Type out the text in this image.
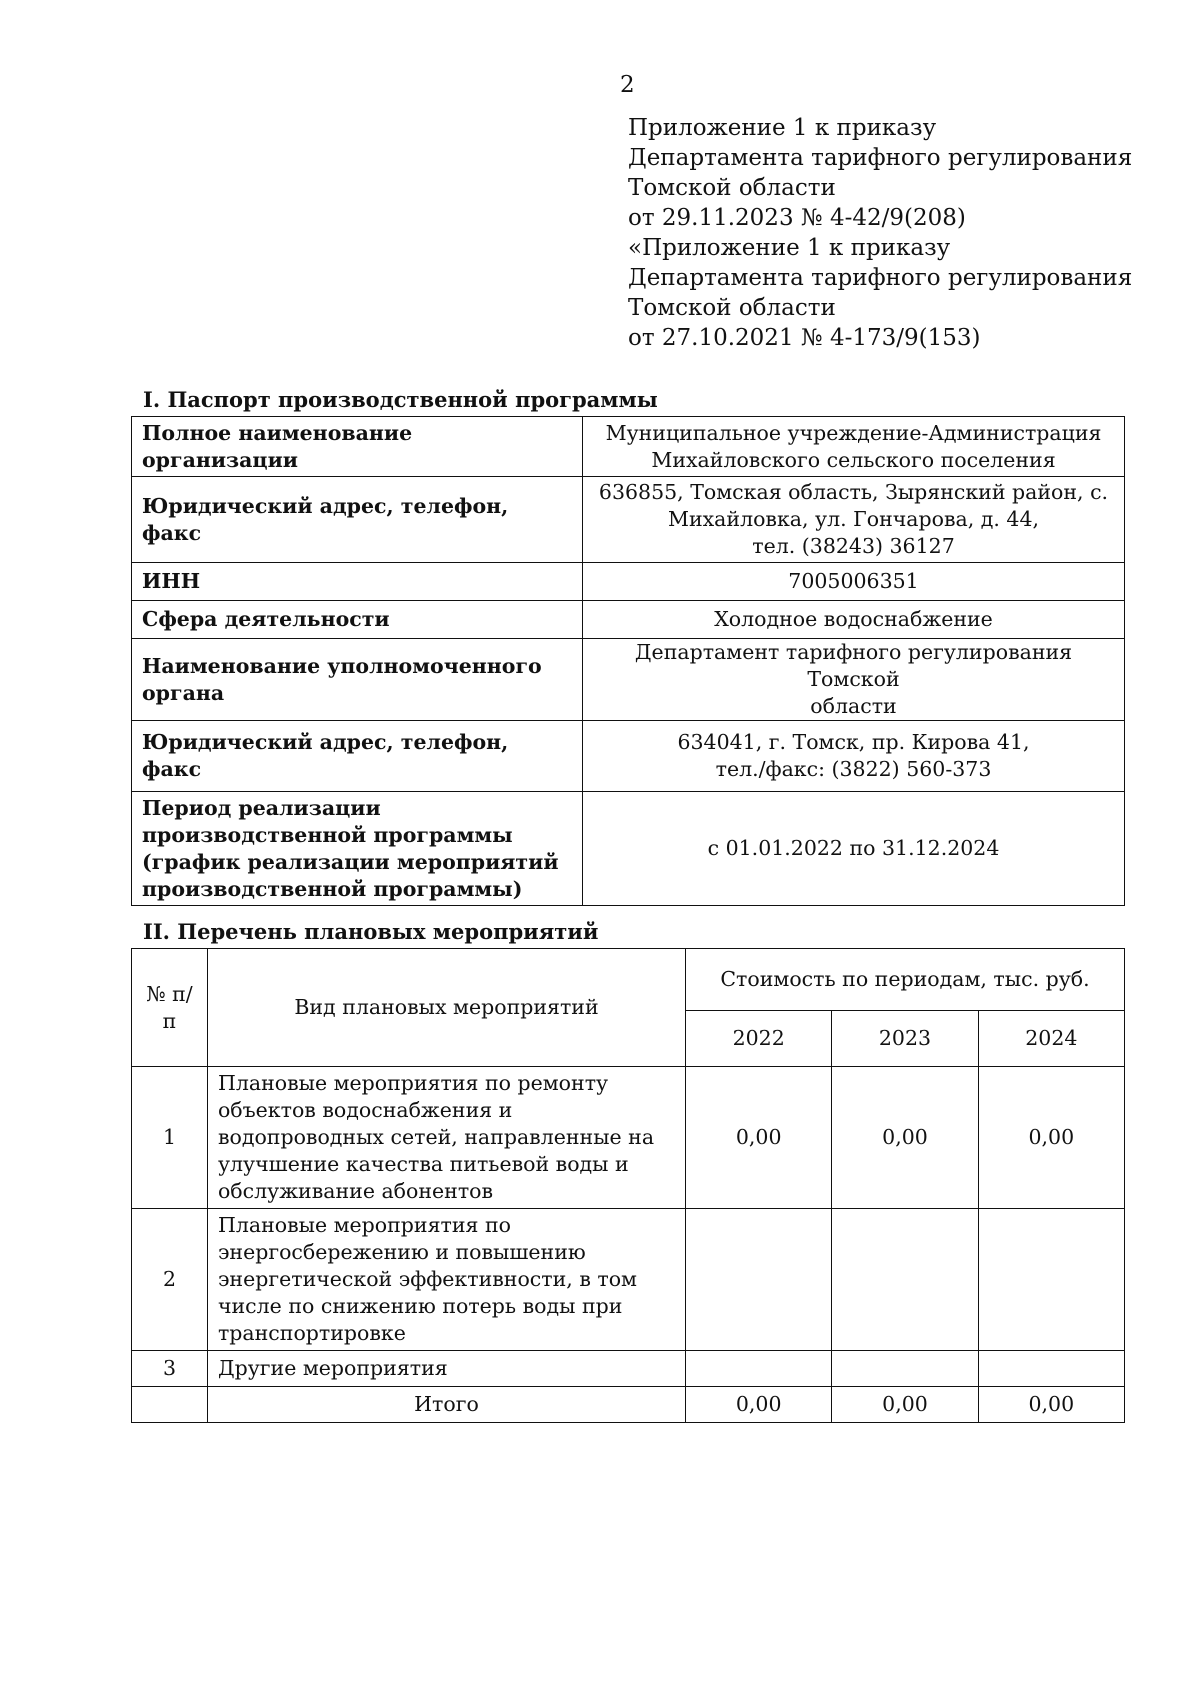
2
Приложение 1 к приказу
Департамента тарифного регулирования
Томской области
от 29.11.2023 № 4-42/9(208)
«Приложение 1 к приказу
Департамента тарифного регулирования
Томской области
от 27.10.2021 № 4-173/9(153)
I. Паспорт производственной программы
Полное наименование организации	Муниципальное учреждение-Администрация
Михайловского сельского поселения

Юридический адрес, телефон, факс	636855, Томская область, Зырянский район, с.
Михайловка, ул. Гончарова, д. 44,
тел. (38243) 36127

ИНН	7005006351

Сфера деятельности	Холодное водоснабжение

Наименование уполномоченного органа	Департамент тарифного регулирования Томской
области

Юридический адрес, телефон, факс	634041, г. Томск, пр. Кирова 41,
тел./факс: (3822) 560-373

Период реализации производственной программы (график реализации мероприятий производственной программы)	с 01.01.2022 по 31.12.2024
II. Перечень плановых мероприятий
№ п/п	Вид плановых мероприятий	Стоимость по периодам, тыс. руб.		
		2022	2023	2024
1	Плановые мероприятия по ремонту объектов водоснабжения и водопроводных сетей, направленные на улучшение качества питьевой воды и обслуживание абонентов	0,00	0,00	0,00
2	Плановые мероприятия по энергосбережению и повышению энергетической эффективности, в том числе по снижению потерь воды при транспортировке			
3	Другие мероприятия			
	Итого	0,00	0,00	0,00
